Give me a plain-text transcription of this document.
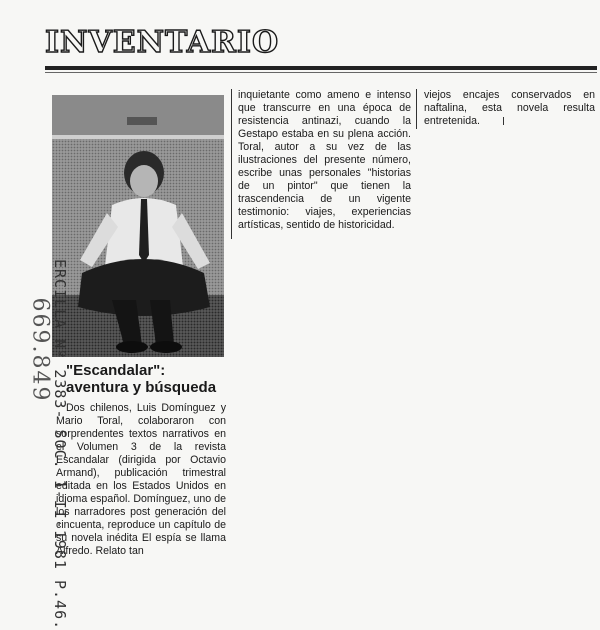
INVENTARIO
"Escandalar":
aventura y búsqueda
Dos chilenos, Luis Domínguez y Mario Toral, colaboraron con sorprendentes textos narrativos en el Volumen 3 de la revista Escandalar (dirigida por Octavio Armand), publicación trimestral editada en los Estados Unidos en idioma español. Domínguez, uno de los narradores post generación del cincuenta, reproduce un capítulo de su novela inédita El espía se llama Alfredo. Relato tan
inquietante como ameno e intenso que transcurre en una época de resistencia antinazi, cuando la Gestapo estaba en su plena acción. Toral, autor a su vez de las ilustraciones del presente número, escribe unas personales "historias de un pintor" que tienen la trascendencia de un vigente testimonio: viajes, experiencias artísticas, sentido de historicidad.
viejos encajes conservados en naftalina, esta novela resulta entretenida.
ERCILLA Nº 2383- SOC. 1-II-1981 P.46.
669.849
